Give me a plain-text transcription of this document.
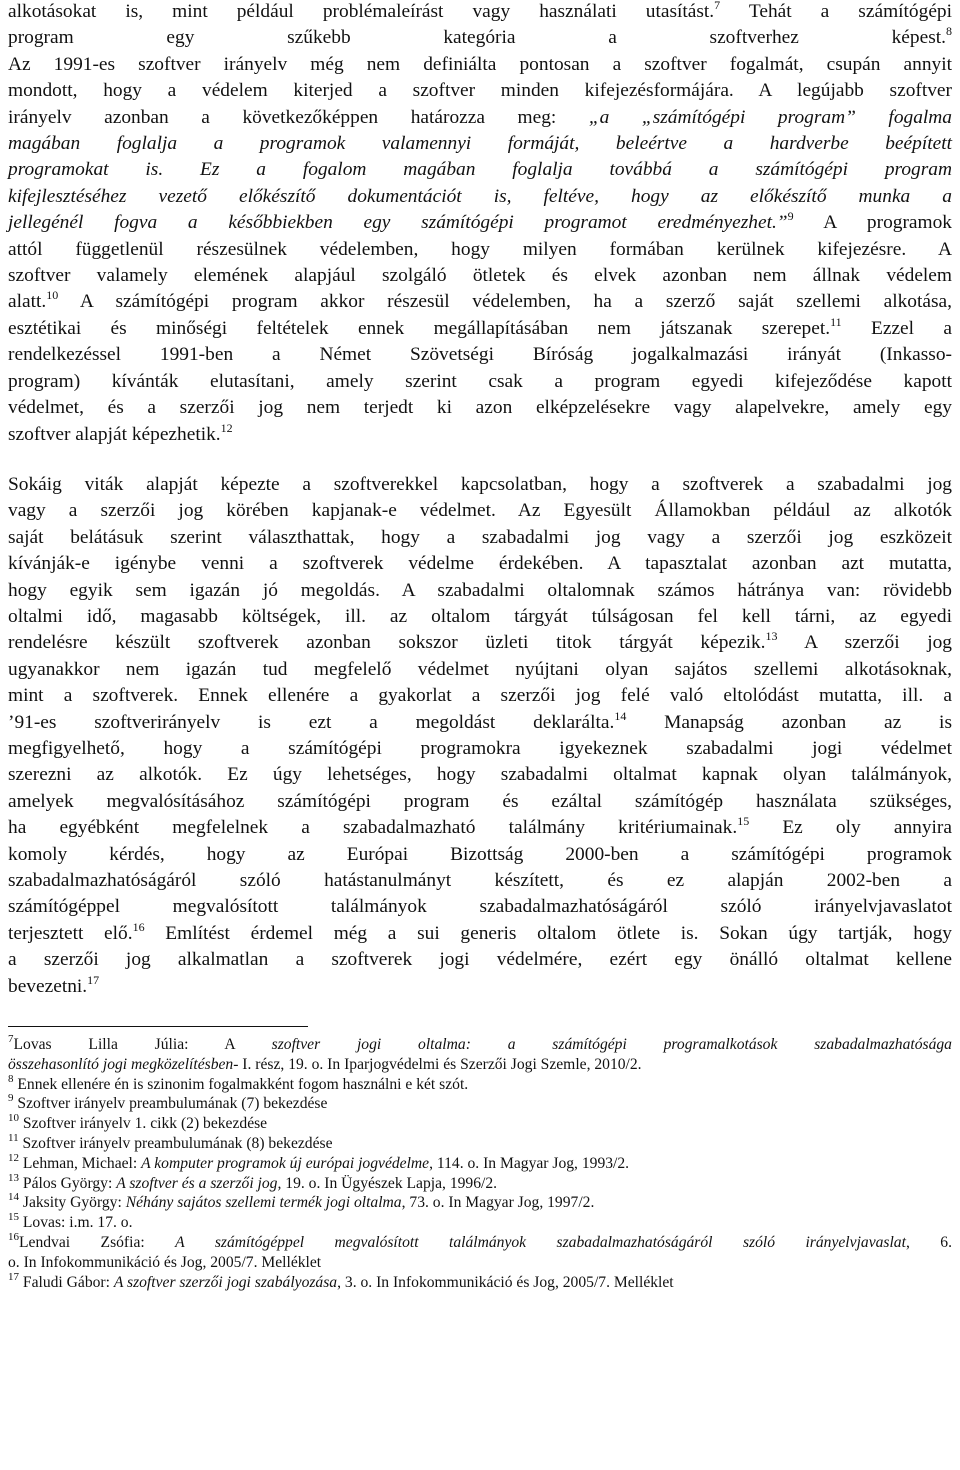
alkotásokat is, mint például problémaleírást vagy használati utasítást.$^7$ Tehát a számítógépi
program egy szűkebb kategória a szoftverhez képest.$^8$
Az 1991-es szoftver irányelv még nem definiálta pontosan a szoftver fogalmát, csupán annyit
mondott, hogy a védelem kiterjed a szoftver minden kifejezésformájára. A legújabb szoftver
irányelv azonban a következőképpen határozza meg: „a „számítógépi program” fogalma
magában foglalja a programok valamennyi formáját, beleértve a hardverbe beépített
programokat is. Ez a fogalom magában foglalja továbbá a számítógépi program
kifejlesztéséhez vezető előkészítő dokumentációt is, feltéve, hogy az előkészítő munka a
jellegénél fogva a későbbiekben egy számítógépi programot eredményezhet.”$^9$ A programok
attól függetlenül részesülnek védelemben, hogy milyen formában kerülnek kifejezésre. A
szoftver valamely elemének alapjául szolgáló ötletek és elvek azonban nem állnak védelem
alatt.$^{10}$ A számítógépi program akkor részesül védelemben, ha a szerző saját szellemi alkotása,
esztétikai és minőségi feltételek ennek megállapításában nem játszanak szerepet.$^{11}$ Ezzel a
rendelkezéssel 1991-ben a Német Szövetségi Bíróság jogalkalmazási irányát (Inkasso-
program) kívánták elutasítani, amely szerint csak a program egyedi kifejeződése kapott
védelmet, és a szerzői jog nem terjedt ki azon elképzelésekre vagy alapelvekre, amely egy
szoftver alapját képezhetik.$^{12}$
Sokáig viták alapját képezte a szoftverekkel kapcsolatban, hogy a szoftverek a szabadalmi jog
vagy a szerzői jog körében kapjanak-e védelmet. Az Egyesült Államokban például az alkotók
saját belátásuk szerint választhattak, hogy a szabadalmi jog vagy a szerzői jog eszközeit
kívánják-e igénybe venni a szoftverek védelme érdekében. A tapasztalat azonban azt mutatta,
hogy egyik sem igazán jó megoldás. A szabadalmi oltalomnak számos hátránya van: rövidebb
oltalmi idő, magasabb költségek, ill. az oltalom tárgyát túlságosan fel kell tárni, az egyedi
rendelésre készült szoftverek azonban sokszor üzleti titok tárgyát képezik.$^{13}$ A szerzői jog
ugyanakkor nem igazán tud megfelelő védelmet nyújtani olyan sajátos szellemi alkotásoknak,
mint a szoftverek. Ennek ellenére a gyakorlat a szerzői jog felé való eltolódást mutatta, ill. a
’91-es szoftverirányelv is ezt a megoldást deklarálta.$^{14}$ Manapság azonban az is
megfigyelhető, hogy a számítógépi programokra igyekeznek szabadalmi jogi védelmet
szerezni az alkotók. Ez úgy lehetséges, hogy szabadalmi oltalmat kapnak olyan találmányok,
amelyek megvalósításához számítógépi program és ezáltal számítógép használata szükséges,
ha egyébként megfelelnek a szabadalmazható találmány kritériumainak.$^{15}$ Ez oly annyira
komoly kérdés, hogy az Európai Bizottság 2000-ben a számítógépi programok
szabadalmazhatóságáról szóló hatástanulmányt készített, és ez alapján 2002-ben a
számítógéppel megvalósított találmányok szabadalmazhatóságáról szóló irányelvjavaslatot
terjesztett elő.$^{16}$ Említést érdemel még a sui generis oltalom ötlete is. Sokan úgy tartják, hogy
a szerzői jog alkalmatlan a szoftverek jogi védelmére, ezért egy önálló oltalmat kellene
bevezetni.$^{17}$
$^7$Lovas Lilla Júlia: A szoftver jogi oltalma: a számítógépi programalkotások szabadalmazhatósága
összehasonlító jogi megközelítésben- I. rész, 19. o. In Iparjogvédelmi és Szerzői Jogi Szemle, 2010/2.
$^8$ Ennek ellenére én is szinonim fogalmakként fogom használni e két szót.
$^9$ Szoftver irányelv preambulumának (7) bekezdése
$^{10}$ Szoftver irányelv 1. cikk (2) bekezdése
$^{11}$ Szoftver irányelv preambulumának (8) bekezdése
$^{12}$ Lehman, Michael: A komputer programok új európai jogvédelme, 114. o. In Magyar Jog, 1993/2.
$^{13}$ Pálos György: A szoftver és a szerzői jog, 19. o. In Ügyészek Lapja, 1996/2.
$^{14}$ Jaksity György: Néhány sajátos szellemi termék jogi oltalma, 73. o. In Magyar Jog, 1997/2.
$^{15}$ Lovas: i.m. 17. o.
$^{16}$Lendvai Zsófia: A számítógéppel megvalósított találmányok szabadalmazhatóságáról szóló irányelvjavaslat, 6.
o. In Infokommunikáció és Jog, 2005/7. Melléklet
$^{17}$ Faludi Gábor: A szoftver szerzői jogi szabályozása, 3. o. In Infokommunikáció és Jog, 2005/7. Melléklet
